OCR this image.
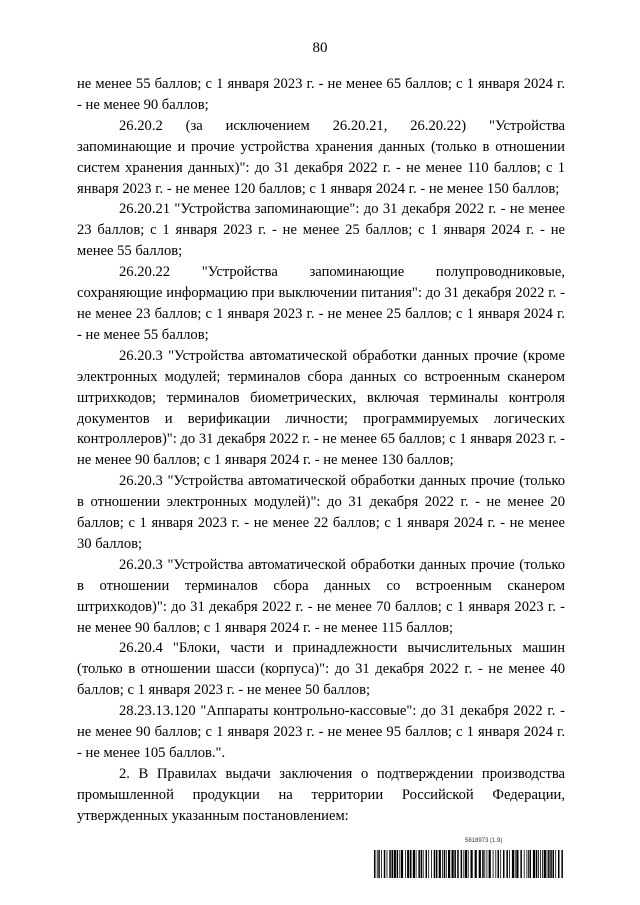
80

не менее 55 баллов; с 1 января 2023 г. - не менее 65 баллов; с 1 января 2024 г. - не менее 90 баллов;

26.20.2 (за исключением 26.20.21, 26.20.22) "Устройства запоминающие и прочие устройства хранения данных (только в отношении систем хранения данных)": до 31 декабря 2022 г. - не менее 110 баллов; с 1 января 2023 г. - не менее 120 баллов; с 1 января 2024 г. - не менее 150 баллов;

26.20.21 "Устройства запоминающие": до 31 декабря 2022 г. - не менее 23 баллов; с 1 января 2023 г. - не менее 25 баллов; с 1 января 2024 г. - не менее 55 баллов;

26.20.22 "Устройства запоминающие полупроводниковые, сохраняющие информацию при выключении питания": до 31 декабря 2022 г. - не менее 23 баллов; с 1 января 2023 г. - не менее 25 баллов; с 1 января 2024 г. - не менее 55 баллов;

26.20.3 "Устройства автоматической обработки данных прочие (кроме электронных модулей; терминалов сбора данных со встроенным сканером штрихкодов; терминалов биометрических, включая терминалы контроля документов и верификации личности; программируемых логических контроллеров)": до 31 декабря 2022 г. - не менее 65 баллов; с 1 января 2023 г. - не менее 90 баллов; с 1 января 2024 г. - не менее 130 баллов;

26.20.3 "Устройства автоматической обработки данных прочие (только в отношении электронных модулей)": до 31 декабря 2022 г. - не менее 20 баллов; с 1 января 2023 г. - не менее 22 баллов; с 1 января 2024 г. - не менее 30 баллов;

26.20.3 "Устройства автоматической обработки данных прочие (только в отношении терминалов сбора данных со встроенным сканером штрихкодов)": до 31 декабря 2022 г. - не менее 70 баллов; с 1 января 2023 г. - не менее 90 баллов; с 1 января 2024 г. - не менее 115 баллов;

26.20.4 "Блоки, части и принадлежности вычислительных машин (только в отношении шасси (корпуса)": до 31 декабря 2022 г. - не менее 40 баллов; с 1 января 2023 г. - не менее 50 баллов;

28.23.13.120 "Аппараты контрольно-кассовые": до 31 декабря 2022 г. - не менее 90 баллов; с 1 января 2023 г. - не менее 95 баллов; с 1 января 2024 г. - не менее 105 баллов.".

2. В Правилах выдачи заключения о подтверждении производства промышленной продукции на территории Российской Федерации, утвержденных указанным постановлением:

5818973 (1.9)
